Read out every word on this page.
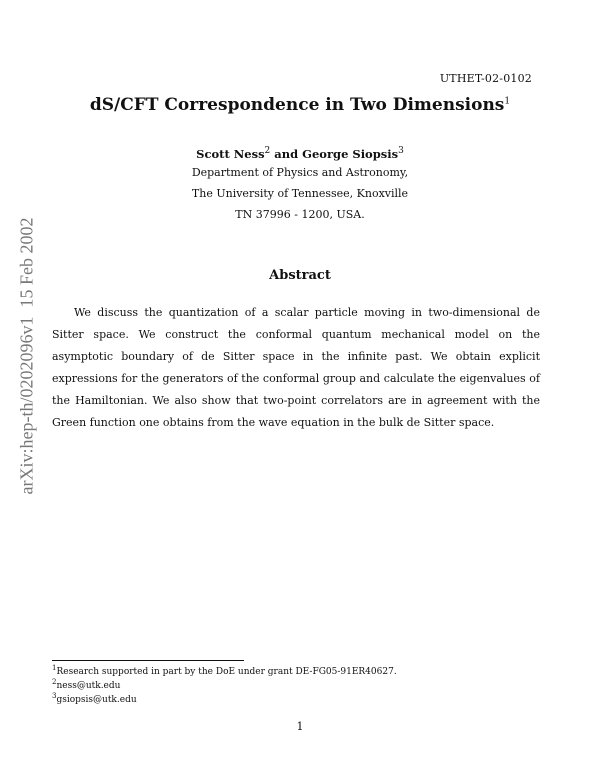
UTHET-02-0102
dS/CFT Correspondence in Two Dimensions$^1$
Scott Ness$^2$ and George Siopsis$^3$
Department of Physics and Astronomy,
The University of Tennessee, Knoxville
TN 37996 - 1200, USA.
Abstract
We discuss the quantization of a scalar particle moving in two-dimensional de Sitter space. We construct the conformal quantum mechanical model on the asymptotic boundary of de Sitter space in the infinite past. We obtain explicit expressions for the generators of the conformal group and calculate the eigenvalues of the Hamiltonian. We also show that two-point correlators are in agreement with the Green function one obtains from the wave equation in the bulk de Sitter space.
arXiv:hep-th/0202096v1  15 Feb 2002
$^1$Research supported in part by the DoE under grant DE-FG05-91ER40627.
$^2$ness@utk.edu
$^3$gsiopsis@utk.edu
1
